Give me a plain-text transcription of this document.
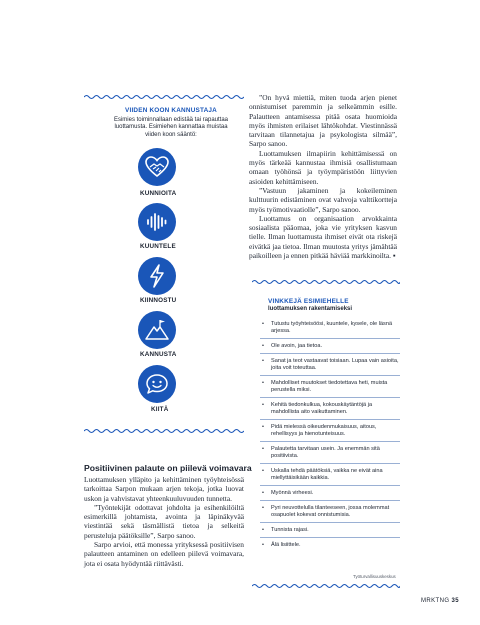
VIIDEN KOON KANNUSTAJA
Esimies toiminnallaan edistää tai rapauttaa luottamusta. Esimiehen kannattaa muistaa viiden koon sääntö:
KUNNIOITA
KUUNTELE
KIINNOSTU
KANNUSTA
KIITÄ
Positiivinen palaute on piilevä voimavara

Luottamuksen ylläpito ja kehittäminen työyhteisössä tarkoittaa Sarpon mukaan arjen tekoja, jotka luovat uskon ja vahvistavat yhteenkuuluvuuden tunnetta.

”Työntekijät odottavat johdolta ja esihenkilöiltä esimerkillä johtamista, avointa ja läpinäkyvää viestintää sekä täsmällistä tietoa ja selkeitä perusteluja päätöksille”, Sarpo sanoo.

Sarpo arvioi, että monessa yrityksessä positiivisen palautteen antaminen on edelleen piilevä voimavara, jota ei osata hyödyntää riittävästi.

”On hyvä miettiä, miten tuoda arjen pienet onnistumiset paremmin ja selkeämmin esille. Palautteen antamisessa pitää osata huomioida myös ihmisten erilaiset lähtökohdat. Viestinnässä tarvitaan tilannetajua ja psykologista silmää”, Sarpo sanoo.

Luottamuksen ilmapiirin kehittämisessä on myös tärkeää kannustaa ihmisiä osallistumaan omaan työhönsä ja työympäristöön liittyvien asioiden kehittämiseen.

”Vastuun jakaminen ja kokeileminen kulttuurin edistäminen ovat vahvoja valttikortteja myös työmotivaatiolle”, Sarpo sanoo.

Luottamus on organisaation arvokkainta sosiaalista pääomaa, joka vie yrityksen kasvun tielle. Ilman luottamusta ihmiset eivät ota riskejä eivätkä jaa tietoa. Ilman muutosta yritys jämähtää paikoilleen ja ennen pitkää häviää markkinoilta. ▪

VINKKEJÄ ESIMIEHELLE
luottamuksen rakentamiseksi
• Tutustu työyhteisöösi, kuuntele, kysele, ole läsnä arjessa.
• Ole avoin, jaa tietoa.
• Sanat ja teot vastaavat toisiaan. Lupaa vain asioita, joita voit toteuttaa.
• Mahdolliset muutokset tiedotettava heti, muista perustella miksi.
• Kehitä tiedonkulkua, kokouskäytäntöjä ja mahdollista aito vaikuttaminen.
• Pidä mielessä oikeudenmukaisuus, aitous, rehellisyys ja hienotunteisuus.
• Palautetta tarvitaan usein. Ja enemmän sitä positiivista.
• Uskalla tehdä päätöksiä, vaikka ne eivät aina miellyttäisikään kaikkia.
• Myönnä virheesi.
• Pyri neuvottelulla tilanteeseen, jossa molemmat osapuolet kokevat onnistumisia.
• Tunnista rajasi.
• Älä lisiittele.
Työturvallisuuskeskus
MRKTNG 35
